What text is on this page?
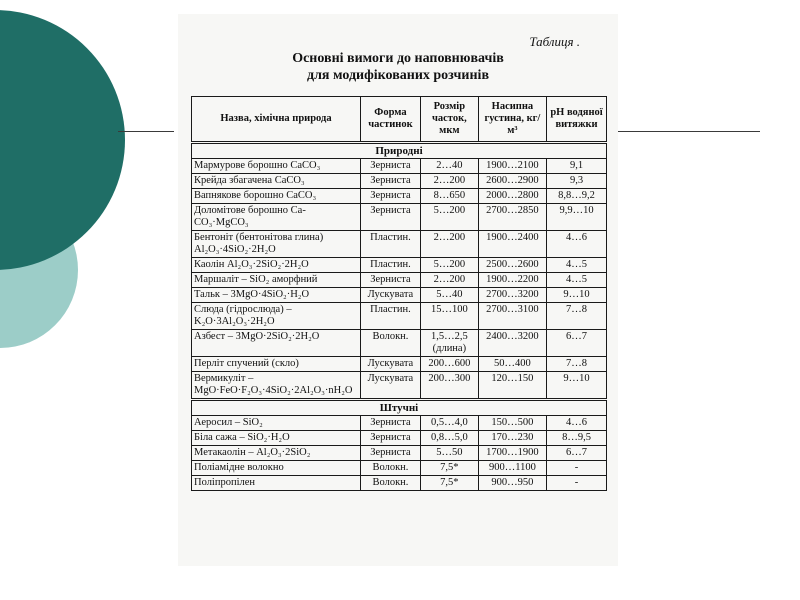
Таблиця .
Основні вимоги до наповнювачів
для модифікованих розчинів
Назва, хімічна природа	Форма частинок	Розмір часток, мкм	Насипна густина, кг/м³	pH водяної витяжки
Природні				
Мармурове борошно CaCO₃	Зерниста	2…40	1900…2100	9,1
Крейда збагачена CaCO₃	Зерниста	2…200	2600…2900	9,3
Вапнякове борошно CaCO₃	Зерниста	8…650	2000…2800	8,8…9,2
Доломітове борошно Ca-CO₃·MgCO₃	Зерниста	5…200	2700…2850	9,9…10
Бентоніт (бентонітова глина) Al₂O₃·4SiO₂·2H₂O	Пластин.	2…200	1900…2400	4…6
Каолін Al₂O₃·2SiO₂·2H₂O	Пластин.	5…200	2500…2600	4…5
Маршаліт – SiO₂ аморфний	Зерниста	2…200	1900…2200	4…5
Тальк – 3MgO·4SiO₂·H₂O	Лускувата	5…40	2700…3200	9…10
Слюда (гідрослюда) – K₂O·3Al₂O₃·2H₂O	Пластин.	15…100	2700…3100	7…8
Азбест – 3MgO·2SiO₂·2H₂O	Волокн.	1,5…2,5 (длина)	2400…3200	6…7
Перліт спучений (скло)	Лускувата	200…600	50…400	7…8
Вермикуліт – MgO·FeO·F₂O₃·4SiO₂·2Al₂O₃·nH₂O	Лускувата	200…300	120…150	9…10
Штучні				
Аеросил – SiO₂	Зерниста	0,5…4,0	150…500	4…6
Біла сажа – SiO₂·H₂O	Зерниста	0,8…5,0	170…230	8…9,5
Метакаолін – Al₂O₃·2SiO₂	Зерниста	5…50	1700…1900	6…7
Поліамідне волокно	Волокн.	7,5*	900…1100	-
Поліпропілен	Волокн.	7,5*	900…950	-
